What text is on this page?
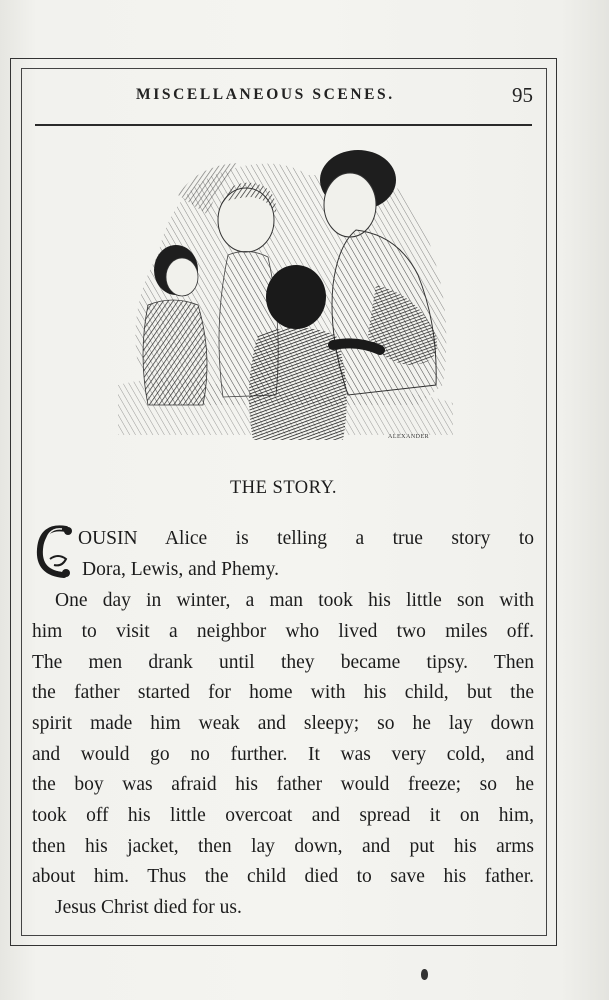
MISCELLANEOUS SCENES.	95
ALEXANDER
THE STORY.
OUSIN Alice is telling a true story to
Dora, Lewis, and Phemy.
One day in winter, a man took his little son with
him to visit a neighbor who lived two miles off.
The men drank until they became tipsy. Then
the father started for home with his child, but the
spirit made him weak and sleepy; so he lay down
and would go no further. It was very cold, and
the boy was afraid his father would freeze; so he
took off his little overcoat and spread it on him,
then his jacket, then lay down, and put his arms
about him. Thus the child died to save his father.
Jesus Christ died for us.
